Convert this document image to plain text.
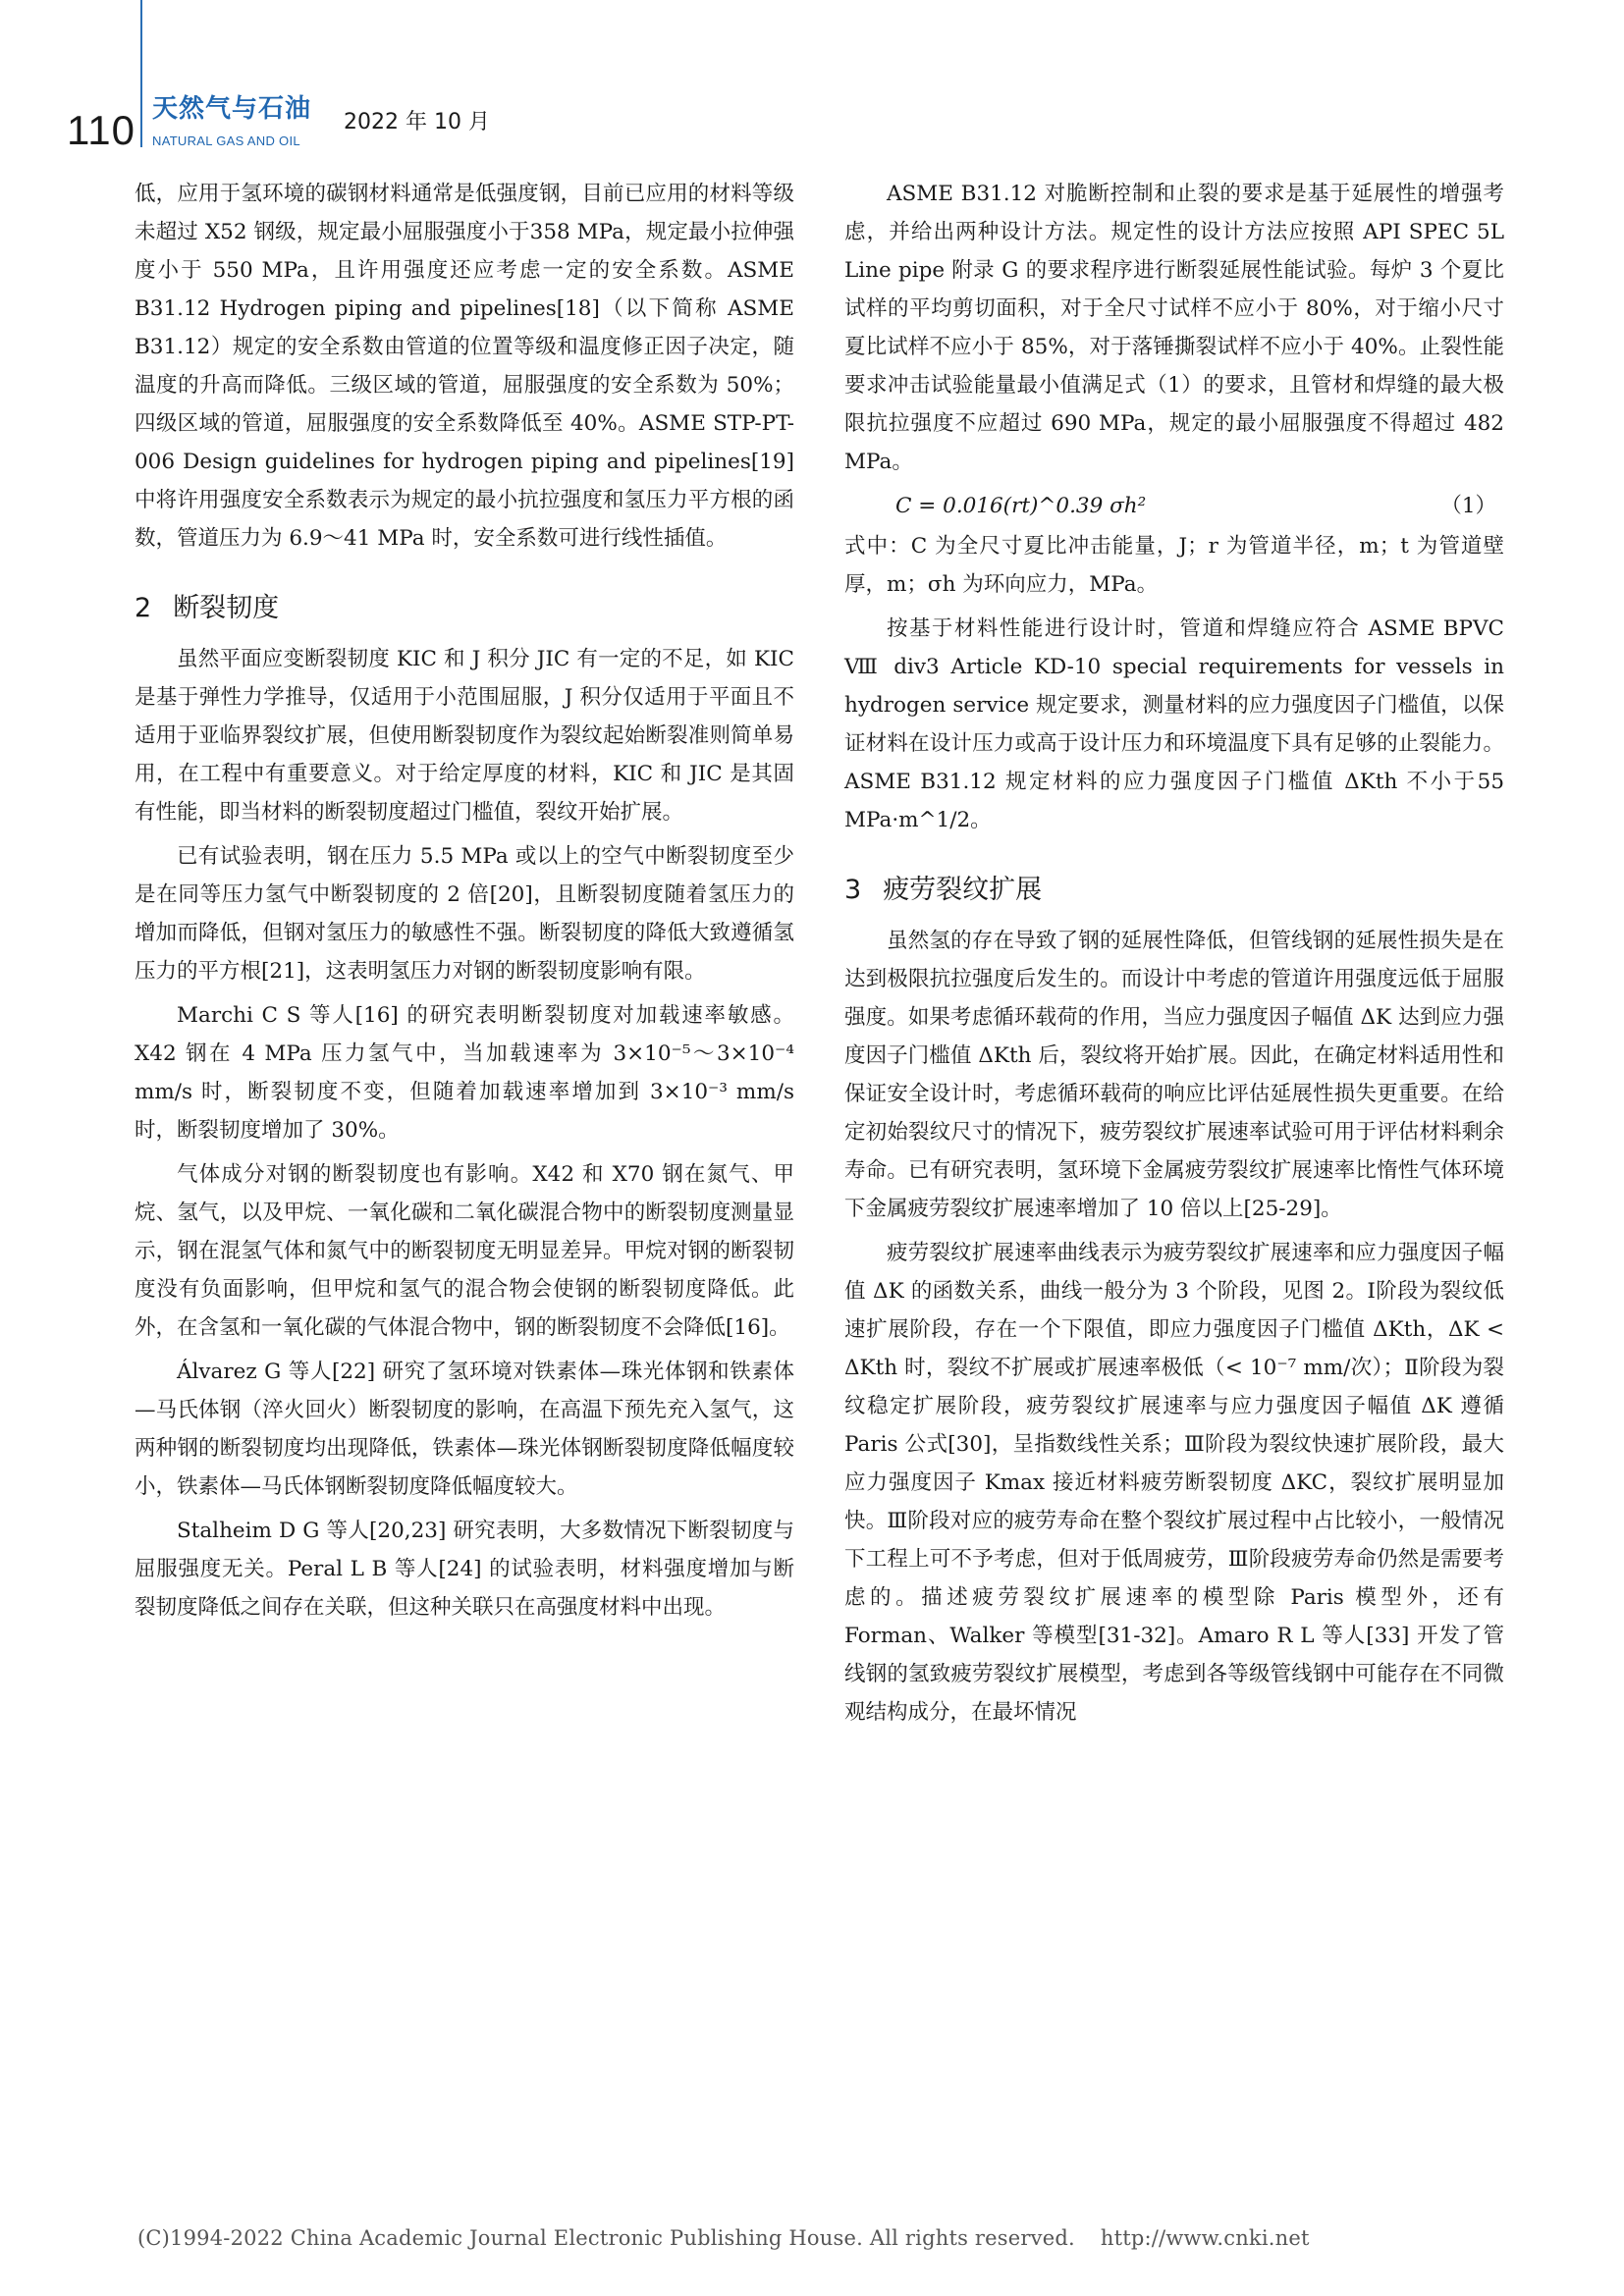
110 天然气与石油
NATURAL GAS AND OIL
2022 年 10 月

低，应用于氢环境的碳钢材料通常是低强度钢，目前已应用的材料等级未超过 X52 钢级，规定最小屈服强度小于358 MPa，规定最小拉伸强度小于 550 MPa，且许用强度还应考虑一定的安全系数。ASME B31.12 Hydrogen piping and pipelines[18]（以下简称 ASME B31.12）规定的安全系数由管道的位置等级和温度修正因子决定，随温度的升高而降低。三级区域的管道，屈服强度的安全系数为 50%；四级区域的管道，屈服强度的安全系数降低至 40%。ASME STP-PT-006 Design guidelines for hydrogen piping and pipelines[19] 中将许用强度安全系数表示为规定的最小抗拉强度和氢压力平方根的函数，管道压力为 6.9～41 MPa 时，安全系数可进行线性插值。

2 断裂韧度

虽然平面应变断裂韧度 KIC 和 J 积分 JIC 有一定的不足，如 KIC 是基于弹性力学推导，仅适用于小范围屈服，J 积分仅适用于平面且不适用于亚临界裂纹扩展，但使用断裂韧度作为裂纹起始断裂准则简单易用，在工程中有重要意义。对于给定厚度的材料，KIC 和 JIC 是其固有性能，即当材料的断裂韧度超过门槛值，裂纹开始扩展。

已有试验表明，钢在压力 5.5 MPa 或以上的空气中断裂韧度至少是在同等压力氢气中断裂韧度的 2 倍[20]，且断裂韧度随着氢压力的增加而降低，但钢对氢压力的敏感性不强。断裂韧度的降低大致遵循氢压力的平方根[21]，这表明氢压力对钢的断裂韧度影响有限。

Marchi C S 等人[16] 的研究表明断裂韧度对加载速率敏感。X42 钢在 4 MPa 压力氢气中，当加载速率为 3×10⁻⁵～3×10⁻⁴ mm/s 时，断裂韧度不变，但随着加载速率增加到 3×10⁻³ mm/s 时，断裂韧度增加了 30%。

气体成分对钢的断裂韧度也有影响。X42 和 X70 钢在氮气、甲烷、氢气，以及甲烷、一氧化碳和二氧化碳混合物中的断裂韧度测量显示，钢在混氢气体和氮气中的断裂韧度无明显差异。甲烷对钢的断裂韧度没有负面影响，但甲烷和氢气的混合物会使钢的断裂韧度降低。此外，在含氢和一氧化碳的气体混合物中，钢的断裂韧度不会降低[16]。

Álvarez G 等人[22] 研究了氢环境对铁素体—珠光体钢和铁素体—马氏体钢（淬火回火）断裂韧度的影响，在高温下预先充入氢气，这两种钢的断裂韧度均出现降低，铁素体—珠光体钢断裂韧度降低幅度较小，铁素体—马氏体钢断裂韧度降低幅度较大。

Stalheim D G 等人[20,23] 研究表明，大多数情况下断裂韧度与屈服强度无关。Peral L B 等人[24] 的试验表明，材料强度增加与断裂韧度降低之间存在关联，但这种关联只在高强度材料中出现。

ASME B31.12 对脆断控制和止裂的要求是基于延展性的增强考虑，并给出两种设计方法。规定性的设计方法应按照 API SPEC 5L Line pipe 附录 G 的要求程序进行断裂延展性能试验。每炉 3 个夏比试样的平均剪切面积，对于全尺寸试样不应小于 80%，对于缩小尺寸夏比试样不应小于 85%，对于落锤撕裂试样不应小于 40%。止裂性能要求冲击试验能量最小值满足式（1）的要求，且管材和焊缝的最大极限抗拉强度不应超过 690 MPa，规定的最小屈服强度不得超过 482 MPa。

C = 0.016(rt)^0.39 σh²	（1）

式中：C 为全尺寸夏比冲击能量，J；r 为管道半径，m；t 为管道壁厚，m；σh 为环向应力，MPa。

按基于材料性能进行设计时，管道和焊缝应符合 ASME BPVC Ⅷ div3 Article KD-10 special requirements for vessels in hydrogen service 规定要求，测量材料的应力强度因子门槛值，以保证材料在设计压力或高于设计压力和环境温度下具有足够的止裂能力。ASME B31.12 规定材料的应力强度因子门槛值 ΔKth 不小于55 MPa·m^1/2。

3 疲劳裂纹扩展

虽然氢的存在导致了钢的延展性降低，但管线钢的延展性损失是在达到极限抗拉强度后发生的。而设计中考虑的管道许用强度远低于屈服强度。如果考虑循环载荷的作用，当应力强度因子幅值 ΔK 达到应力强度因子门槛值 ΔKth 后，裂纹将开始扩展。因此，在确定材料适用性和保证安全设计时，考虑循环载荷的响应比评估延展性损失更重要。在给定初始裂纹尺寸的情况下，疲劳裂纹扩展速率试验可用于评估材料剩余寿命。已有研究表明，氢环境下金属疲劳裂纹扩展速率比惰性气体环境下金属疲劳裂纹扩展速率增加了 10 倍以上[25-29]。

疲劳裂纹扩展速率曲线表示为疲劳裂纹扩展速率和应力强度因子幅值 ΔK 的函数关系，曲线一般分为 3 个阶段，见图 2。Ⅰ阶段为裂纹低速扩展阶段，存在一个下限值，即应力强度因子门槛值 ΔKth，ΔK < ΔKth 时，裂纹不扩展或扩展速率极低（< 10⁻⁷ mm/次）；Ⅱ阶段为裂纹稳定扩展阶段，疲劳裂纹扩展速率与应力强度因子幅值 ΔK 遵循 Paris 公式[30]，呈指数线性关系；Ⅲ阶段为裂纹快速扩展阶段，最大应力强度因子 Kmax 接近材料疲劳断裂韧度 ΔKC，裂纹扩展明显加快。Ⅲ阶段对应的疲劳寿命在整个裂纹扩展过程中占比较小，一般情况下工程上可不予考虑，但对于低周疲劳，Ⅲ阶段疲劳寿命仍然是需要考虑的。描述疲劳裂纹扩展速率的模型除 Paris 模型外，还有 Forman、Walker 等模型[31-32]。Amaro R L 等人[33] 开发了管线钢的氢致疲劳裂纹扩展模型，考虑到各等级管线钢中可能存在不同微观结构成分，在最坏情况

(C)1994-2022 China Academic Journal Electronic Publishing House. All rights reserved. http://www.cnki.net
